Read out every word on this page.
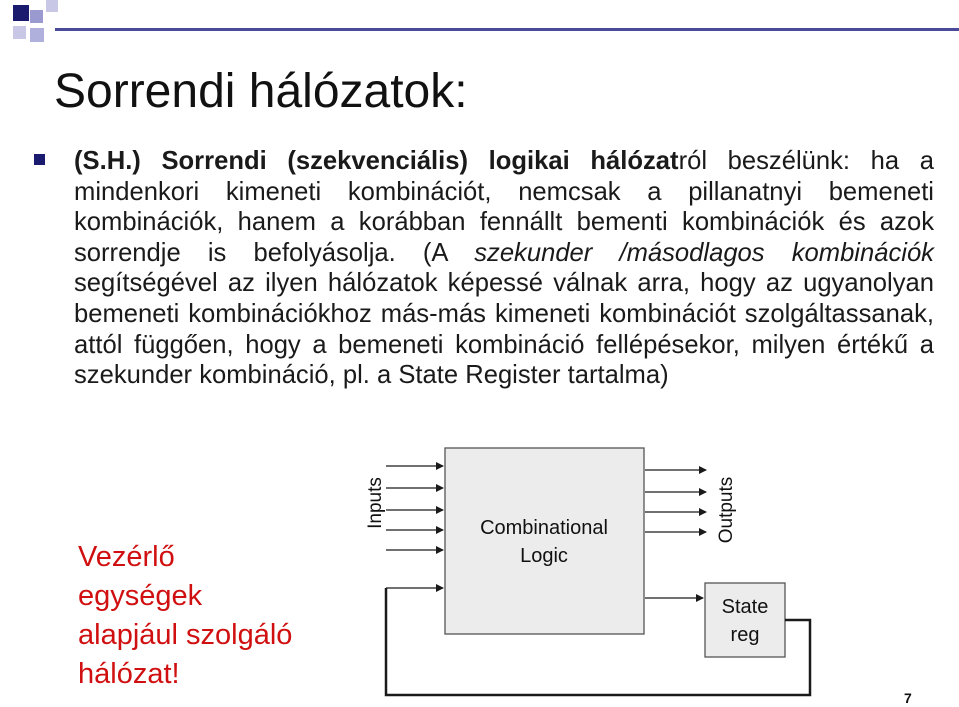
Sorrendi hálózatok:

(S.H.) Sorrendi (szekvenciális) logikai hálózatról beszélünk: ha a mindenkori kimeneti kombinációt, nemcsak a pillanatnyi bemeneti kombinációk, hanem a korábban fennállt bementi kombinációk és azok sorrendje is befolyásolja. (A szekunder /másodlagos kombinációk segítségével az ilyen hálózatok képessé válnak arra, hogy az ugyanolyan bemeneti kombinációkhoz más-más kimeneti kombinációt szolgáltassanak, attól függően, hogy a bemeneti kombináció fellépésekor, milyen értékű a szekunder kombináció, pl. a State Register tartalma)

Vezérlő
egységek
alapjául szolgáló
hálózat!

Combinational
Logic
State
reg
Inputs	Outputs
7
